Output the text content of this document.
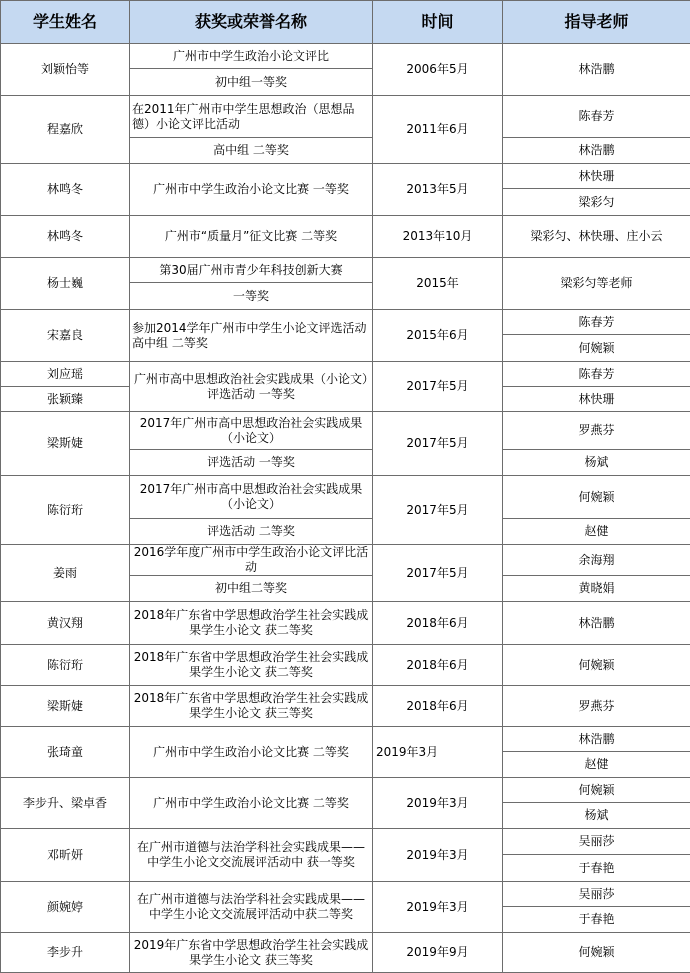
学生姓名	获奖或荣誉名称	时间	指导老师
刘颖怡等	广州市中学生政治小论文评比	2006年5月	林浩鹏
	初中组一等奖		
程嘉欣	在2011年广州市中学生思想政治（思想品德）小论文评比活动	2011年6月	陈春芳
	高中组 二等奖		林浩鹏
林鸣冬	广州市中学生政治小论文比赛 一等奖	2013年5月	林快珊
			梁彩匀
林鸣冬	广州市“质量月”征文比赛 二等奖	2013年10月	梁彩匀、林快珊、庄小云
杨士巍	第30届广州市青少年科技创新大赛	2015年	梁彩匀等老师
	一等奖		
宋嘉良	参加2014学年广州市中学生小论文评选活动高中组 二等奖	2015年6月	陈春芳
			何婉颖
刘应瑶	广州市高中思想政治社会实践成果（小论文）评选活动 一等奖	2017年5月	陈春芳
张颖臻			林快珊
梁斯婕	2017年广州市高中思想政治社会实践成果（小论文）	2017年5月	罗燕芬
	评选活动 一等奖		杨斌
陈衍珩	2017年广州市高中思想政治社会实践成果（小论文）	2017年5月	何婉颖
	评选活动 二等奖		赵健
姜雨	2016学年度广州市中学生政治小论文评比活动	2017年5月	余海翔
	初中组二等奖		黄晓娟
黄汉翔	2018年广东省中学思想政治学生社会实践成果学生小论文 获二等奖	2018年6月	林浩鹏
陈衍珩	2018年广东省中学思想政治学生社会实践成果学生小论文 获二等奖	2018年6月	何婉颖
梁斯婕	2018年广东省中学思想政治学生社会实践成果学生小论文 获三等奖	2018年6月	罗燕芬
张琦童	广州市中学生政治小论文比赛 二等奖	2019年3月	林浩鹏
			赵健
李步升、梁卓香	广州市中学生政治小论文比赛 二等奖	2019年3月	何婉颖
			杨斌
邓昕妍	在广州市道德与法治学科社会实践成果——中学生小论文交流展评活动中 获一等奖	2019年3月	吴丽莎
			于春艳
颜婉婷	在广州市道德与法治学科社会实践成果——中学生小论文交流展评活动中获二等奖	2019年3月	吴丽莎
			于春艳
李步升	2019年广东省中学思想政治学生社会实践成果学生小论文 获三等奖	2019年9月	何婉颖
